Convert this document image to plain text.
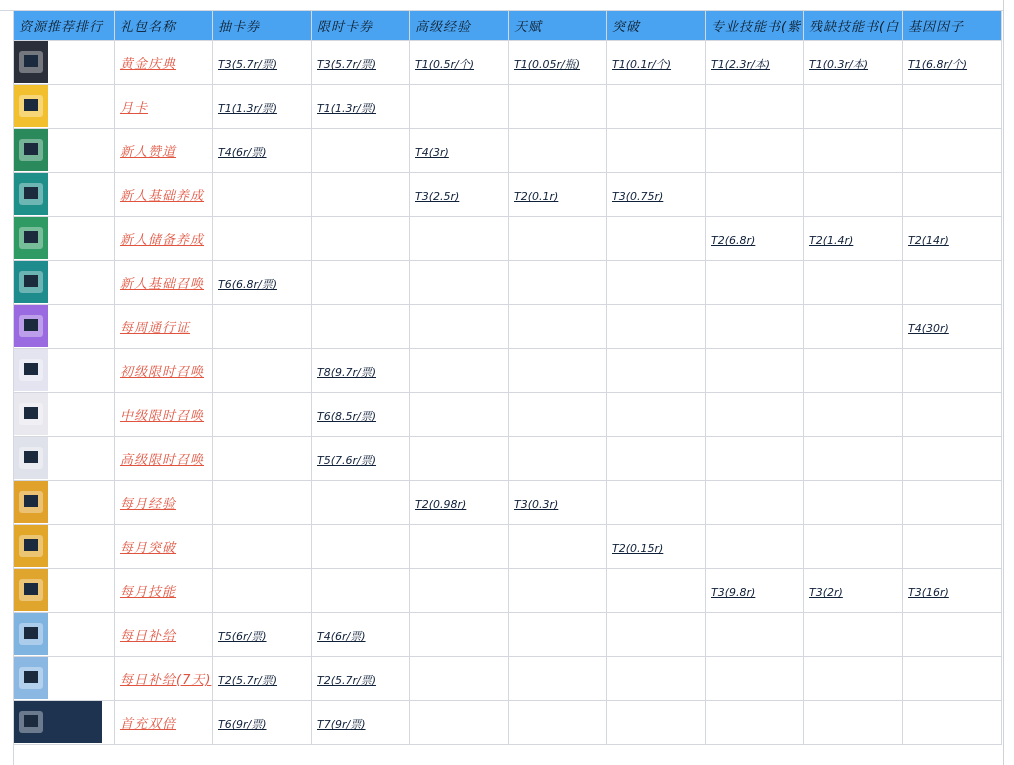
资源推荐排行	礼包名称	抽卡券	限时卡券	高级经验	天赋	突破	专业技能书(紫	残缺技能书(白	基因因子

	黄金庆典	T3(5.7r/票)	T3(5.7r/票)	T1(0.5r/个)	T1(0.05r/瓶)	T1(0.1r/个)	T1(2.3r/本)	T1(0.3r/本)	T1(6.8r/个)

	月卡	T1(1.3r/票)	T1(1.3r/票)						

	新人赞道	T4(6r/票)		T4(3r)					

	新人基础养成			T3(2.5r)	T2(0.1r)	T3(0.75r)			

	新人储备养成						T2(6.8r)	T2(1.4r)	T2(14r)

	新人基础召唤	T6(6.8r/票)							

	每周通行证								T4(30r)

	初级限时召唤		T8(9.7r/票)						

	中级限时召唤		T6(8.5r/票)						

	高级限时召唤		T5(7.6r/票)						

	每月经验			T2(0.98r)	T3(0.3r)				

	每月突破					T2(0.15r)			

	每月技能						T3(9.8r)	T3(2r)	T3(16r)

	每日补给	T5(6r/票)	T4(6r/票)						

	每日补给(7天)	T2(5.7r/票)	T2(5.7r/票)						

	首充双倍	T6(9r/票)	T7(9r/票)						
